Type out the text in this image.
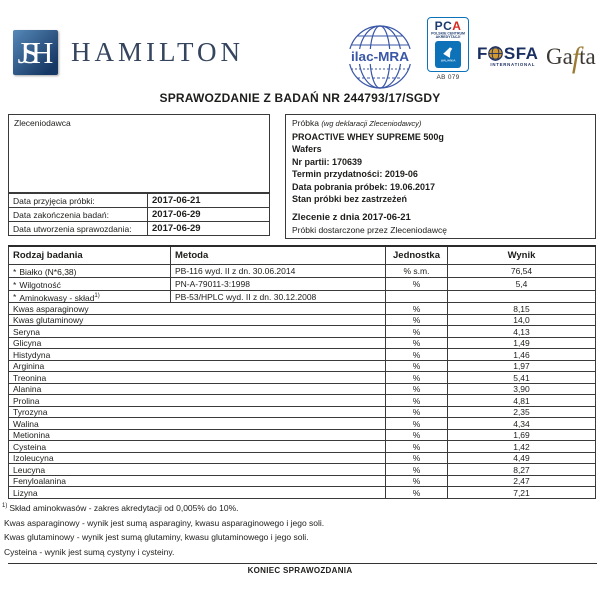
JSH HAMILTON	ilac-MRA
PCA
POLSKIE CENTRUM AKREDYTACJI
BADANIA
AB 079
F SFA
INTERNATIONAL Gafta
SPRAWOZDANIE Z BADAŃ NR 244793/17/SGDY
Zleceniodawca
Data przyjęcia próbki:	2017-06-21
Data zakończenia badań:	2017-06-29
Data utworzenia sprawozdania:	2017-06-29
Próbka (wg deklaracji Zleceniodawcy)
PROACTIVE WHEY SUPREME 500g
Wafers
Nr partii: 170639
Termin przydatności: 2019-06
Data pobrania próbek: 19.06.2017
Stan próbki bez zastrzeżeń
Zlecenie z dnia 2017-06-21
Próbki dostarczone przez Zleceniodawcę
Rodzaj badania	Metoda	Jednostka	Wynik
* Białko (N*6,38)	PB-116 wyd. II z dn. 30.06.2014	% s.m.	76,54
* Wilgotność	PN-A-79011-3:1998	%	5,4
* Aminokwasy - skład$^{1)}$	PB-53/HPLC wyd. II z dn. 30.12.2008		
Kwas asparaginowy		%	8,15
Kwas glutaminowy		%	14,0
Seryna		%	4,13
Glicyna		%	1,49
Histydyna		%	1,46
Arginina		%	1,97
Treonina		%	5,41
Alanina		%	3,90
Prolina		%	4,81
Tyrozyna		%	2,35
Walina		%	4,34
Metionina		%	1,69
Cysteina		%	1,42
Izoleucyna		%	4,49
Leucyna		%	8,27
Fenyloalanina		%	2,47
Lizyna		%	7,21
$^{1)}$ Skład aminokwasów - zakres akredytacji od 0,005% do 10%.
Kwas asparaginowy - wynik jest sumą asparaginy, kwasu asparaginowego i jego soli.
Kwas glutaminowy - wynik jest sumą glutaminy, kwasu glutaminowego i jego soli.
Cysteina - wynik jest sumą cystyny i cysteiny.
KONIEC SPRAWOZDANIA
